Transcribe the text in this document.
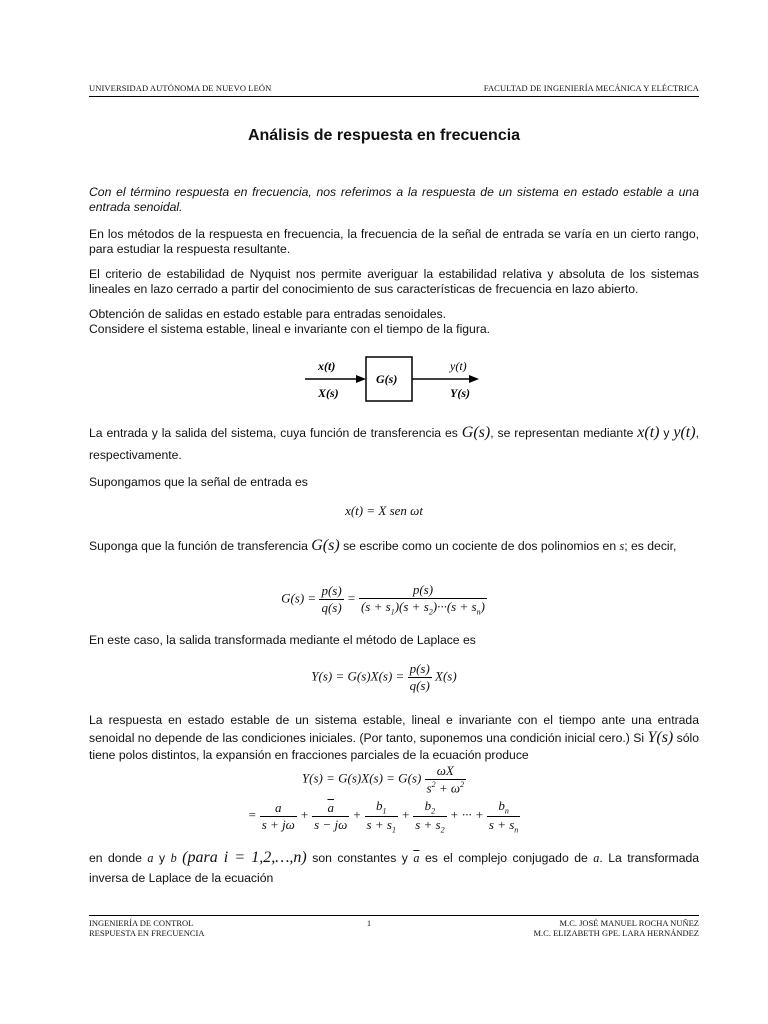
UNIVERSIDAD AUTÓNOMA DE NUEVO LEÓN	FACULTAD DE INGENIERÍA MECÁNICA Y ELÉCTRICA
Análisis de respuesta en frecuencia
Con el término respuesta en frecuencia, nos referimos a la respuesta de un sistema en estado estable a una entrada senoidal.
En los métodos de la respuesta en frecuencia, la frecuencia de la señal de entrada se varía en un cierto rango, para estudiar la respuesta resultante.
El criterio de estabilidad de Nyquist nos permite averiguar la estabilidad relativa y absoluta de los sistemas lineales en lazo cerrado a partir del conocimiento de sus características de frecuencia en lazo abierto.
Obtención de salidas en estado estable para entradas senoidales.
Considere el sistema estable, lineal e invariante con el tiempo de la figura.
x(t)
X(s)
G(s)
y(t)
Y(s)
La entrada y la salida del sistema, cuya función de transferencia es G(s), se representan mediante x(t) y y(t), respectivamente.
Supongamos que la señal de entrada es
x(t) = X sen ωt
Suponga que la función de transferencia G(s) se escribe como un cociente de dos polinomios en s; es decir,
$G(s) = \frac{p(s)}{q(s)} = \frac{p(s)}{(s + s_1)(s + s_2)\cdot\cdot\cdot(s + s_n)}$
En este caso, la salida transformada mediante el método de Laplace es
$Y(s) = G(s)X(s) = \frac{p(s)}{q(s)} X(s)$
La respuesta en estado estable de un sistema estable, lineal e invariante con el tiempo ante una entrada senoidal no depende de las condiciones iniciales. (Por tanto, suponemos una condición inicial cero.) Si Y(s) sólo tiene polos distintos, la expansión en fracciones parciales de la ecuación produce
$Y(s) = G(s)X(s) = G(s) \frac{\omega X}{s^2 + \omega^2}$
= $\frac{a}{s + j\omega} + \frac{\overline{a}}{s - j\omega} + \frac{b_1}{s + s_1} + \frac{b_2}{s + s_2}$ + ··· + $\frac{b_n}{s + s_n}$
en donde a y b (para i = 1,2,…,n) son constantes y $\overline{a}$ es el complejo conjugado de a. La transformada inversa de Laplace de la ecuación
INGENIERÍA DE CONTROL
RESPUESTA EN FRECUENCIA
1	M.C. JOSÉ MANUEL ROCHA NUÑEZ
M.C. ELIZABETH GPE. LARA HERNÁNDEZ
